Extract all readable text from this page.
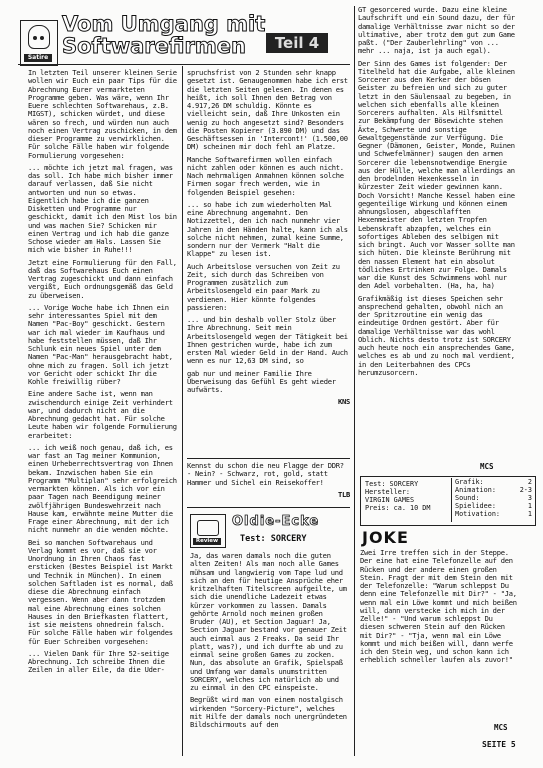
Satire
Vom Umgang mit
Softwarefirmen	Teil 4

In letzten Teil unserer kleinen Serie wollen wir Euch ein paar Tips für die Abrechnung Eurer vermarkteten Programme geben. Was wäre, wenn Ihr Euere schlechten Softwarehaus, z.B. MIGST), schicken würdet, und diese wären so frech, und würden nun auch noch einen Vertrag zuschicken, in dem dieser Programme zu verwirklichen. Für solche Fälle haben wir folgende Formulierung vorgesehen:

... möchte ich jetzt mal fragen, was das soll. Ich habe mich bisher immer darauf verlassen, daß Sie nicht antworten und nun so etwas. Eigentlich habe ich die ganzen Disketten und Programme nur geschickt, damit ich den Mist los bin und was machen Sie? Schicken mir einen Vertrag und ich hab die ganze Schose wieder am Hals. Lassen Sie mich wie bisher in Ruhe!!!

Jetzt eine Formulierung für den Fall, daß das Softwarehaus Euch einen Vertrag zugeschickt und dann einfach vergißt, Euch ordnungsgemäß das Geld zu überweisen.

... Vorige Woche habe ich Ihnen ein sehr interessantes Spiel mit dem Namen "Pac-Boy" geschickt. Gestern war ich mal wieder im Kaufhaus und habe feststellen müssen, daß Ihr Schlunk ein neues Spiel unter dem Namen "Pac-Man" herausgebracht habt, ohne mich zu fragen. Soll ich jetzt vor Gericht oder schickt Ihr die Kohle freiwillig rüber?

Eine andere Sache ist, wenn man zwischendurch einige Zeit verhindert war, und dadurch nicht an die Abrechnung gedacht hat. Für solche Leute haben wir folgende Formulierung erarbeitet:

... ich weiß noch genau, daß ich, es war fast an Tag meiner Kommunion, einen Urheberrechtsvertrag von Ihnen bekam. Inzwischen haben Sie ein Programm "Multiplan" sehr erfolgreich vermarkten können. Als ich vor ein paar Tagen nach Beendigung meiner zwölfjährigen Bundeswehrzeit nach Hause kam, erwähnte meine Mutter die Frage einer Abrechnung, mit der ich nicht nunmehr an die wenden möchte.

Bei so manchen Softwarehaus und Verlag kommt es vor, daß sie vor Unordnung in Ihren Chaos fast ersticken (Bestes Beispiel ist Markt und Technik in München). In einem solchen Saftladen ist es normal, daß diese die Abrechnung einfach vergessen. Wenn aber dann trotzdem mal eine Abrechnung eines solchen Hauses in den Briefkasten flattert, ist sie meistens ohnedrein falsch. Für solche Fälle haben wir folgendes für Euer Schreiben vorgesehen:

... Vielen Dank für Ihre 52-seitige Abrechnung. Ich schreibe Ihnen die Zeilen in aller Eile, da die Uder-

spruchsfrist von 2 Stunden sehr knapp gesetzt ist. Genaugenommen habe ich erst die letzten Seiten gelesen. In denen es heißt, ich soll Ihnen den Betrag von 4.917,26 DM schuldig. Könnte es vielleicht sein, daß Ihre Unkosten ein wenig zu hoch angesetzt sind? Besonders die Posten Kopierer (3.890 DM) und das Geschäftsessen in 'Intercont!' (1.500,00 DM) scheinen mir doch fehl am Platze.

Manche Softwarefirmen wollen einfach nicht zahlen oder können es auch nicht. Nach mehrmaligen Anmahnen können solche Firmen sogar frech werden, wie in folgenden Beispiel gesehen:

... so habe ich zum wiederholten Mal eine Abrechnung angemahnt. Den Notizzettel, den ich nach nunmehr vier Jahren in den Händen halte, kann ich als solche nicht nehmen, zumal keine Summe, sondern nur der Vermerk "Halt die Klappe" zu lesen ist.

Auch Arbeitslose versuchen von Zeit zu Zeit, sich durch das Schreiben von Programmen zusätzlich zum Arbeitslosengeld ein paar Mark zu verdienen. Hier könnte folgendes passieren:

... und bin deshalb voller Stolz über Ihre Abrechnung. Seit mein Arbeitslosengeld wegen der Tätigkeit bei Ihnen gestrichen wurde, habe ich zum ersten Mal wieder Geld in der Hand. Auch wenn es nur 12,63 DM sind, so

gab nur und meiner Familie Ihre Überweisung das Gefühl Es geht wieder aufwärts.

KNS

Kennst du schon die neu Flagge der DDR? - Nein? - Schwarz, rot, gold, statt Hammer und Sichel ein Reisekoffer!

TLB
Review
Oldie-Ecke
Test: SORCERY

Ja, das waren damals noch die guten alten Zeiten! Als man noch alle Games mühsam und langwierig vom Tape lud und sich an den für heutige Ansprüche eher kritzelhaften Titelscreen aufgeilte, um sich die unendliche Ladezeit etwas kürzer vorkommen zu lassen. Damals gehörte Arnold noch meinen großen Bruder (AU), et Section Jaguar! Ja, Section Jaguar bestand vor genauer Zeit auch einmal aus 2 Freaks. Da seid Ihr platt, was?), und ich durfte ab und zu einmal seine großen Games zu zocken. Nun, das absolute an Grafik, Spielspaß und Umfang war damals unumstritten SORCERY, welches ich natürlich ab und zu einmal in den CPC einspeiste.

Begrüßt wird man von einem nostalgisch wirkenden "Sorcery-Picture", welches mit Hilfe der damals noch unergründeten Bildschirmouts auf den

GT gesorcered wurde. Dazu eine kleine Laufschrift und ein Sound dazu, der für damalige Verhältnisse zwar nicht so der ultimative, aber trotz dem gut zum Game paßt. ("Der Zauberlehrling" von ... mehr ... naja, ist ja auch egal).

Der Sinn des Games ist folgender: Der Titelheld hat die Aufgabe, alle kleinen Sorcerer aus den Kerker der bösen Geister zu befreien und sich zu guter letzt in den Säulensaal zu begeben, in welchen sich ebenfalls alle kleinen Sorcerers aufhalten. Als Hilfsmittel zur Bekämpfung der Bösewichte stehen Äxte, Schwerte und sonstige Gewaltgegenstände zur Verfügung. Die Gegner (Dämonen, Geister, Monde, Ruinen und Schwefelmänner) saugen den armen Sorcerer die lebensnotwendige Energie aus der Hülle, welche man allerdings an den brodelnden Hexenkesseln in kürzester Zeit wieder gewinnen kann. Doch Vorsicht! Manche Kessel haben eine gegenteilige Wirkung und können einem ahnungslosen, abgeschlafften Hexenmeister den letzten Tropfen Lebenskraft abzapfen, welches ein sofortiges Ableben des selbigen mit sich bringt. Auch vor Wasser sollte man sich hüten. Die kleinste Berührung mit den nassen Element hat ein absolut tödliches Ertrinken zur Folge. Damals war die Kunst des Schwimmens wohl nur den Adel vorbehalten. (Ha, ha, ha)

Grafikmäßig ist dieses Speichen sehr ansprechend gehalten, obwohl nich an der Spritzroutine ein wenig das eindeutige Ordnen gestört. Aber für damalige Verhältnisse war das wohl Oblich. Nichts desto trotz ist SORCERY auch heute noch ein ansprechendes Game, welches es ab und zu noch mal verdient, in den Leiterbahnen des CPCs herumzusorcern.

MCS
Test: SORCERY
Hersteller:
VIRGIN GAMES
Preis: ca. 10 DM
Grafik:	2
Animation:	2-3
Sound:	3
Spielidee:	1
Motivation:	1
JOKE

Zwei Irre treffen sich in der Steppe. Der eine hat eine Telefonzelle auf den Rücken und der andere einen großen Stein. Fragt der mit dem Stein den mit der Telefonzelle: "Warum schleppst Du denn eine Telefonzelle mit Dir?" - "Ja, wenn mal ein Löwe kommt und mich beißen will, dann verstecke ich mich in der Zelle!" - "Und warum schleppst Du diesen schweren Stein auf den Rücken mit Dir?" - "Tja, wenn mal ein Löwe kommt und mich beißen will, dann werfe ich den Stein weg, und schon kann ich erheblich schneller laufen als zuvor!"

MCS
SEITE 5
